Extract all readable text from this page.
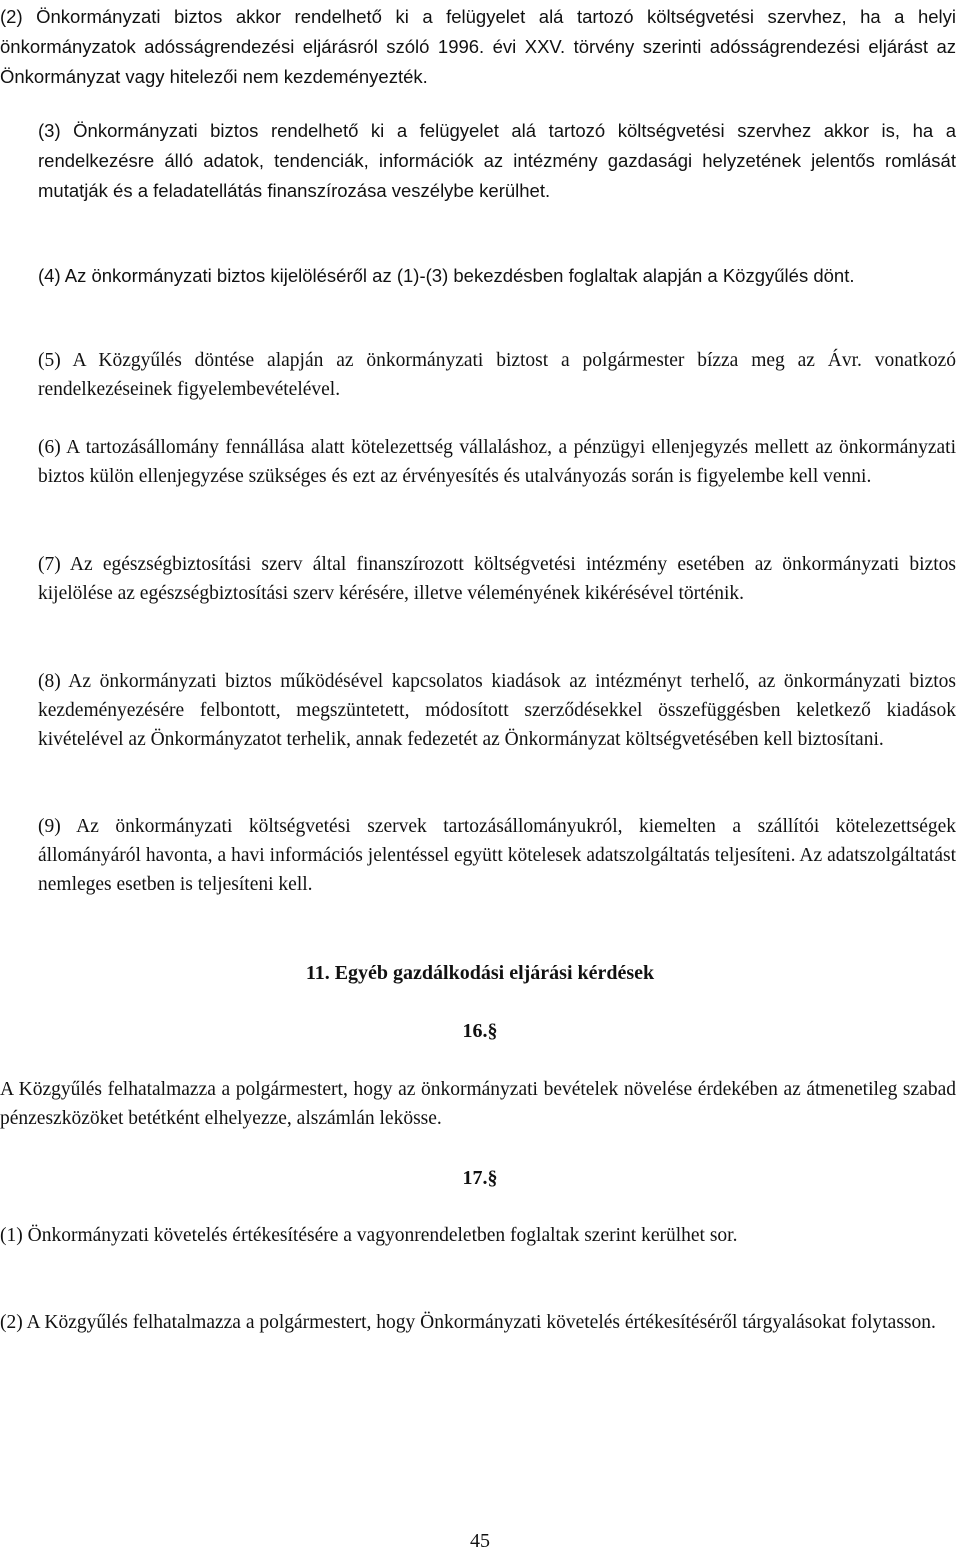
(2) Önkormányzati biztos akkor rendelhető ki a felügyelet alá tartozó költségvetési szervhez, ha a helyi önkormányzatok adósságrendezési eljárásról szóló 1996. évi XXV. törvény szerinti adósságrendezési eljárást az Önkormányzat vagy hitelezői nem kezdeményezték.

(3) Önkormányzati biztos rendelhető ki a felügyelet alá tartozó költségvetési szervhez akkor is, ha a rendelkezésre álló adatok, tendenciák, információk az intézmény gazdasági helyzetének jelentős romlását mutatják és a feladatellátás finanszírozása veszélybe kerülhet.

(4) Az önkormányzati biztos kijelöléséről az (1)-(3) bekezdésben foglaltak alapján a Közgyűlés dönt.

(5) A Közgyűlés döntése alapján az önkormányzati biztost a polgármester bízza meg az Ávr. vonatkozó rendelkezéseinek figyelembevételével.

(6) A tartozásállomány fennállása alatt kötelezettség vállaláshoz, a pénzügyi ellenjegyzés mellett az önkormányzati biztos külön ellenjegyzése szükséges és ezt az érvényesítés és utalványozás során is figyelembe kell venni.

(7) Az egészségbiztosítási szerv által finanszírozott költségvetési intézmény esetében az önkormányzati biztos kijelölése az egészségbiztosítási szerv kérésére, illetve véleményének kikérésével történik.

(8) Az önkormányzati biztos működésével kapcsolatos kiadások az intézményt terhelő, az önkormányzati biztos kezdeményezésére felbontott, megszüntetett, módosított szerződésekkel összefüggésben keletkező kiadások kivételével az Önkormányzatot terhelik, annak fedezetét az Önkormányzat költségvetésében kell biztosítani.

(9) Az önkormányzati költségvetési szervek tartozásállományukról, kiemelten a szállítói kötelezettségek állományáról havonta, a havi információs jelentéssel együtt kötelesek adatszolgáltatás teljesíteni. Az adatszolgáltatást nemleges esetben is teljesíteni kell.

11. Egyéb gazdálkodási eljárási kérdések

16.§

A Közgyűlés felhatalmazza a polgármestert, hogy az önkormányzati bevételek növelése érdekében az átmenetileg szabad pénzeszközöket betétként elhelyezze, alszámlán lekösse.

17.§

(1) Önkormányzati követelés értékesítésére a vagyonrendeletben foglaltak szerint kerülhet sor.

(2) A Közgyűlés felhatalmazza a polgármestert, hogy Önkormányzati követelés értékesítéséről tárgyalásokat folytasson.

45
